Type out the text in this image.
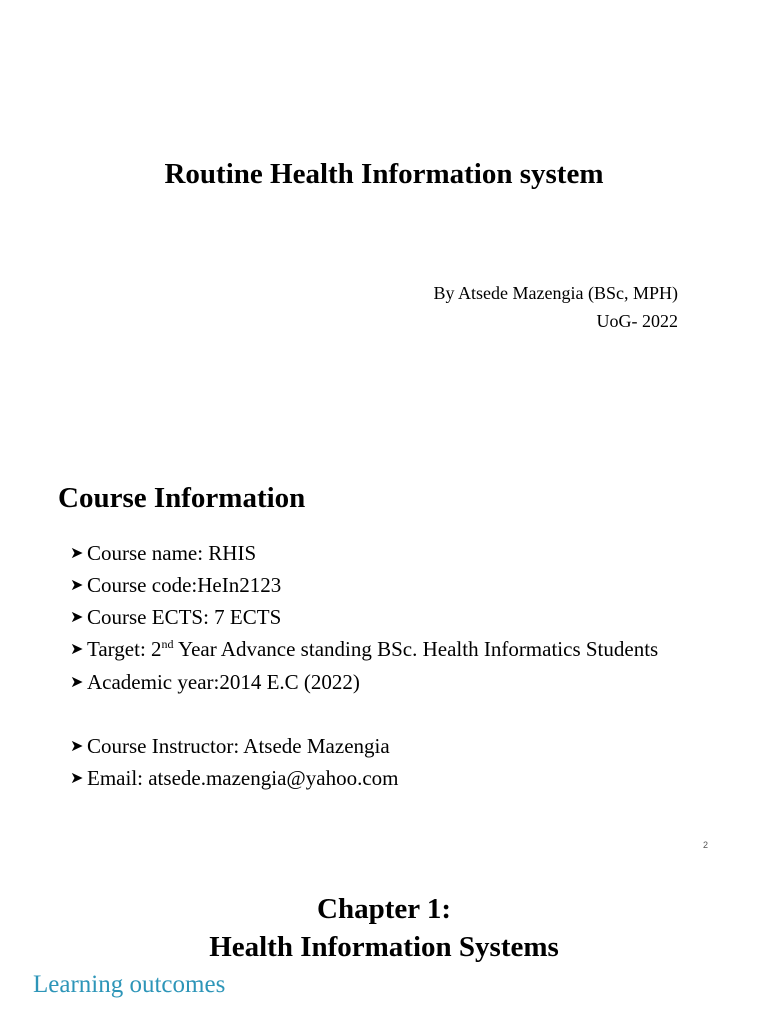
Routine Health Information system
By Atsede Mazengia (BSc, MPH)
UoG- 2022
Course Information
➤ Course name: RHIS
➤ Course code:HeIn2123
➤ Course ECTS: 7 ECTS
➤ Target: 2nd Year Advance standing BSc. Health Informatics Students
➤ Academic year:2014 E.C (2022)
➤ Course Instructor: Atsede Mazengia
➤ Email: atsede.mazengia@yahoo.com
2
Chapter 1:
Health Information Systems
Learning outcomes
